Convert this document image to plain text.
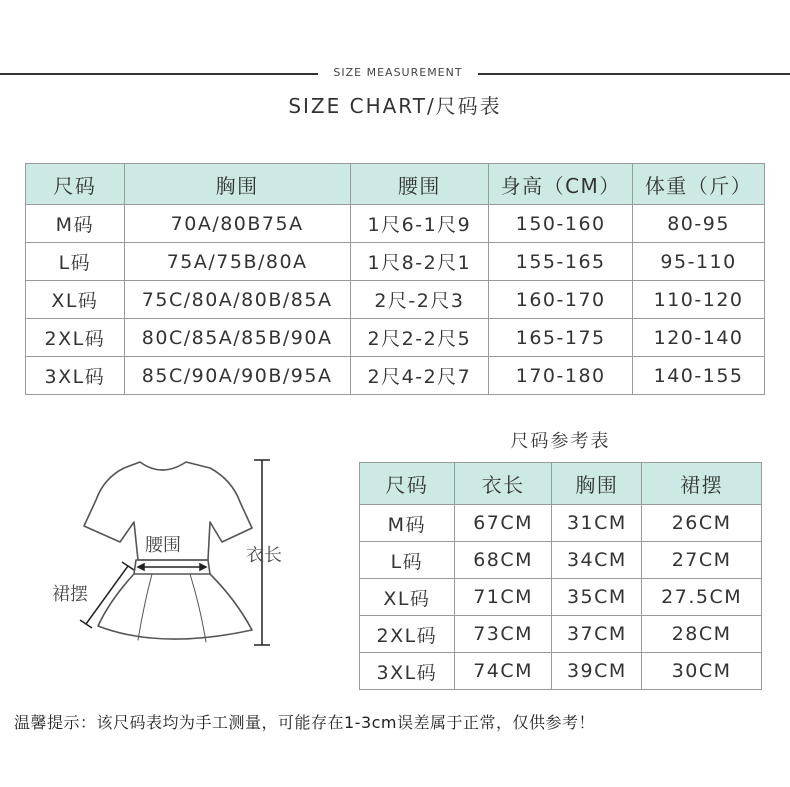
SIZE MEASUREMENT
SIZE CHART/尺码表
尺码	胸围	腰围	身高（CM）	体重（斤）
M码	70A/80B75A	1尺6-1尺9	150-160	80-95
L码	75A/75B/80A	1尺8-2尺1	155-165	95-110
XL码	75C/80A/80B/85A	2尺-2尺3	160-170	110-120
2XL码	80C/85A/85B/90A	2尺2-2尺5	165-175	120-140
3XL码	85C/90A/90B/95A	2尺4-2尺7	170-180	140-155
腰围	衣长
裙摆
尺码参考表
尺码	衣长	胸围	裙摆
M码	67CM	31CM	26CM
L码	68CM	34CM	27CM
XL码	71CM	35CM	27.5CM
2XL码	73CM	37CM	28CM
3XL码	74CM	39CM	30CM
温馨提示：该尺码表均为手工测量，可能存在1-3cm误差属于正常，仅供参考！
